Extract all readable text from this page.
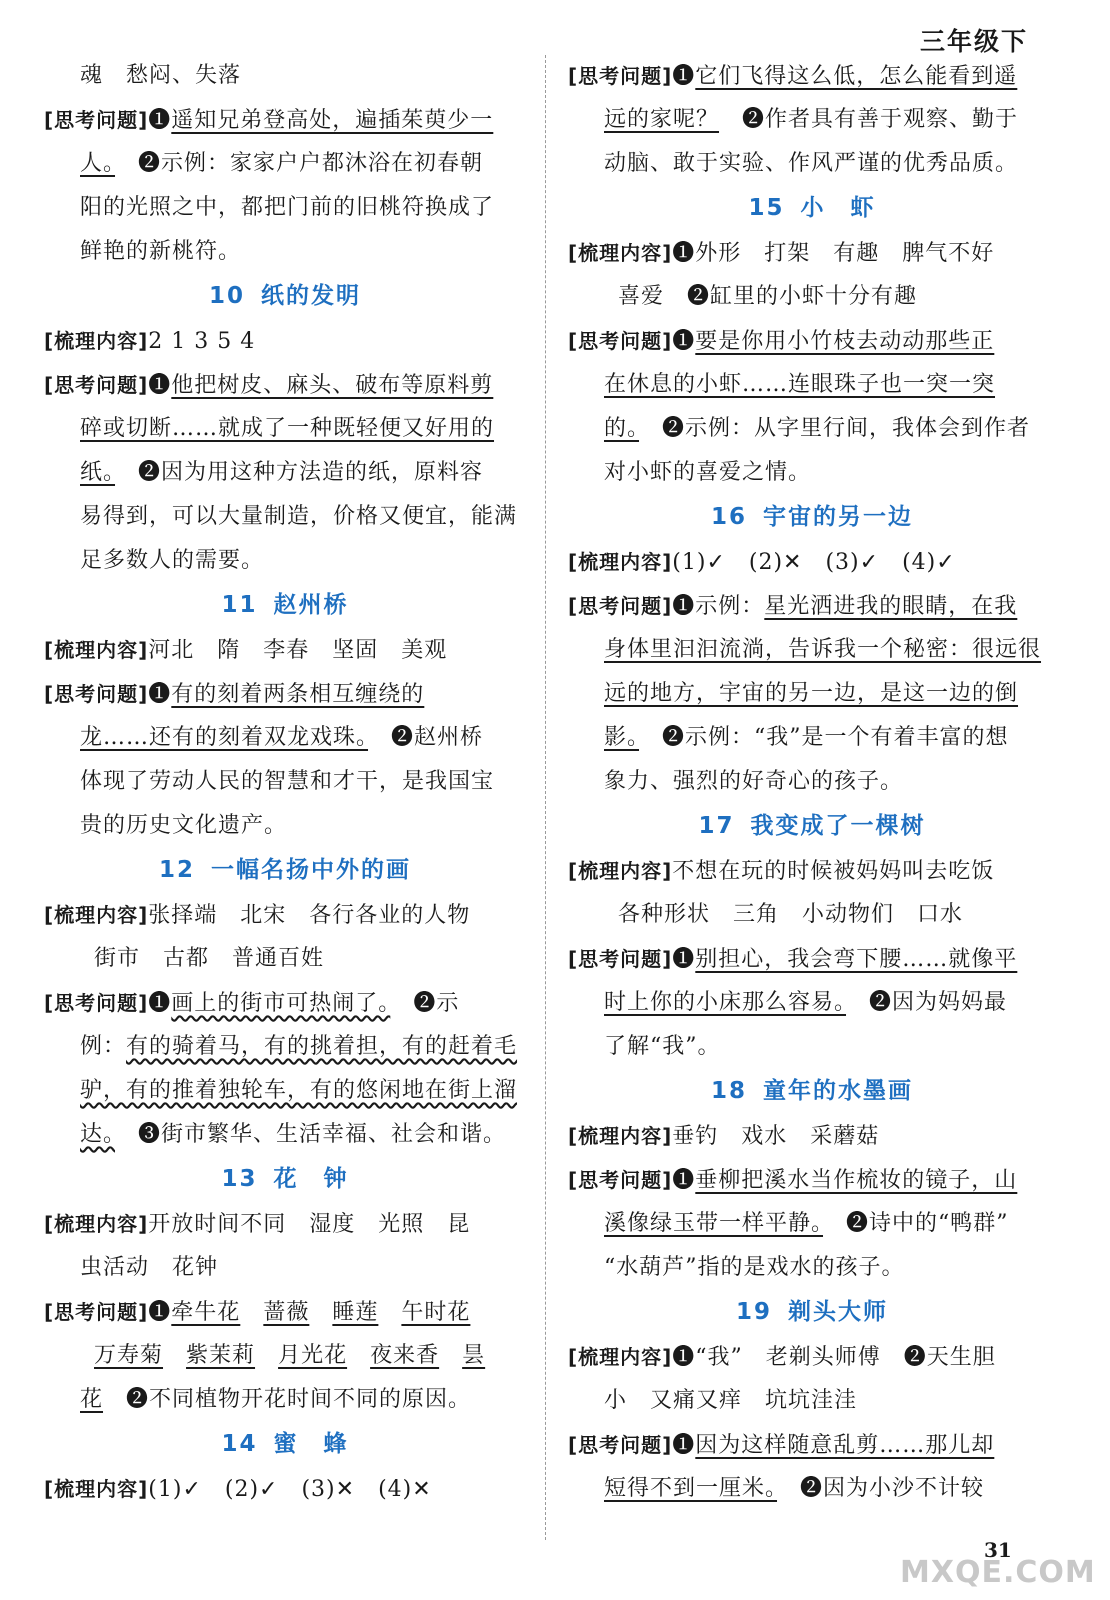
三年级下
魂　愁闷、失落
[思考问题]❶遥知兄弟登高处，遍插茱萸少一
人。　❷示例：家家户户都沐浴在初春朝
阳的光照之中，都把门前的旧桃符换成了
鲜艳的新桃符。
10 纸的发明
[梳理内容]2 1 3 5 4
[思考问题]❶他把树皮、麻头、破布等原料剪
碎或切断……就成了一种既轻便又好用的
纸。　❷因为用这种方法造的纸，原料容
易得到，可以大量制造，价格又便宜，能满
足多数人的需要。
11 赵州桥
[梳理内容]河北　隋　李春　坚固　美观
[思考问题]❶有的刻着两条相互缠绕的
龙……还有的刻着双龙戏珠。　❷赵州桥
体现了劳动人民的智慧和才干，是我国宝
贵的历史文化遗产。
12 一幅名扬中外的画
[梳理内容]张择端　北宋　各行各业的人物
街市　古都　普通百姓
[思考问题]❶画上的街市可热闹了。　❷示
例：有的骑着马，有的挑着担，有的赶着毛
驴，有的推着独轮车，有的悠闲地在街上溜
达。　❸街市繁华、生活幸福、社会和谐。
13 花　钟
[梳理内容]开放时间不同　湿度　光照　昆
虫活动　花钟
[思考问题]❶牵牛花　 蔷薇　 睡莲　 午时花
万寿菊　 紫茉莉　 月光花　 夜来香　 昙
花　❷不同植物开花时间不同的原因。
14 蜜　蜂
[梳理内容](1)✓　(2)✓　(3)✕　(4)✕
[思考问题]❶它们飞得这么低，怎么能看到遥
远的家呢？　❷作者具有善于观察、勤于
动脑、敢于实验、作风严谨的优秀品质。
15 小　虾
[梳理内容]❶外形　打架　有趣　脾气不好
喜爱　❷缸里的小虾十分有趣
[思考问题]❶要是你用小竹枝去动动那些正
在休息的小虾……连眼珠子也一突一突
的。　❷示例：从字里行间，我体会到作者
对小虾的喜爱之情。
16 宇宙的另一边
[梳理内容](1)✓　(2)✕　(3)✓　(4)✓
[思考问题]❶示例：星光洒进我的眼睛，在我
身体里汩汩流淌，告诉我一个秘密：很远很
远的地方，宇宙的另一边，是这一边的倒
影。　❷示例：“我”是一个有着丰富的想
象力、强烈的好奇心的孩子。
17 我变成了一棵树
[梳理内容]不想在玩的时候被妈妈叫去吃饭
各种形状　三角　小动物们　口水
[思考问题]❶别担心，我会弯下腰……就像平
时上你的小床那么容易。　❷因为妈妈最
了解“我”。
18 童年的水墨画
[梳理内容]垂钓　戏水　采蘑菇
[思考问题]❶垂柳把溪水当作梳妆的镜子，山
溪像绿玉带一样平静。　❷诗中的“鸭群”
“水葫芦”指的是戏水的孩子。
19 剃头大师
[梳理内容]❶“我”　老剃头师傅　❷天生胆
小　又痛又痒　坑坑洼洼
[思考问题]❶因为这样随意乱剪……那儿却
短得不到一厘米。　❷因为小沙不计较
31
MXQE.COM
